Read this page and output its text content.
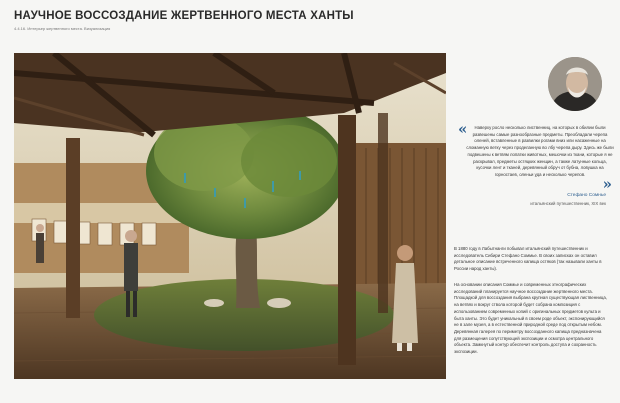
НАУЧНОЕ ВОССОЗДАНИЕ ЖЕРТВЕННОГО МЕСТА ХАНТЫ
4.4.16. Интерьер жертвенного места. Визуализация
«	Наверху росло несколько лиственниц, на которых в обилии были развешены самые разнообразные предметы. Преобладали черепа оленей, вставленные в развилки рогами вниз или насаженные на сломанную ветку через проделанную во лбу черепа дыру. Здесь же были подвешены к ветвям лопатки животных, мешочки из ткани, которые я не раскрывал, предметы остяцких женщин, а также латунные кольца, кусочки лент и тканей, деревянный обруч от бубна, ловушка на горностаев, оленьи уда и несколько черепов.

»
Стефано Сомнье
итальянский путешественник, XIX век

В 1880 году в Лабытнанги побывал итальянский путешественник и исследователь Сибири Стефано Соммье. В своих записках он оставил детальное описание встреченного капища остяков (так называли ханты в России народ ханты).

На основании описания Соммье и современных этнографических исследований планируется научное воссоздание жертвенного места. Площадкой для воссоздания выбрана крупная существующая лиственница, на ветвях и вокруг ствола которой будет собрана композиция с использованием современных копий с оригинальных предметов культа и быта ханты. Это будет уникальный в своем роде объект, экспонирующийся не в зале музея, а в естественной природной среде под открытым небом. Деревянная галерея по периметру воссозданного капища предназначена для размещения сопутствующей экспозиции и осмотра центрального объекта. Замкнутый контур обеспечит контроль доступа и сохранность экспозиции.
